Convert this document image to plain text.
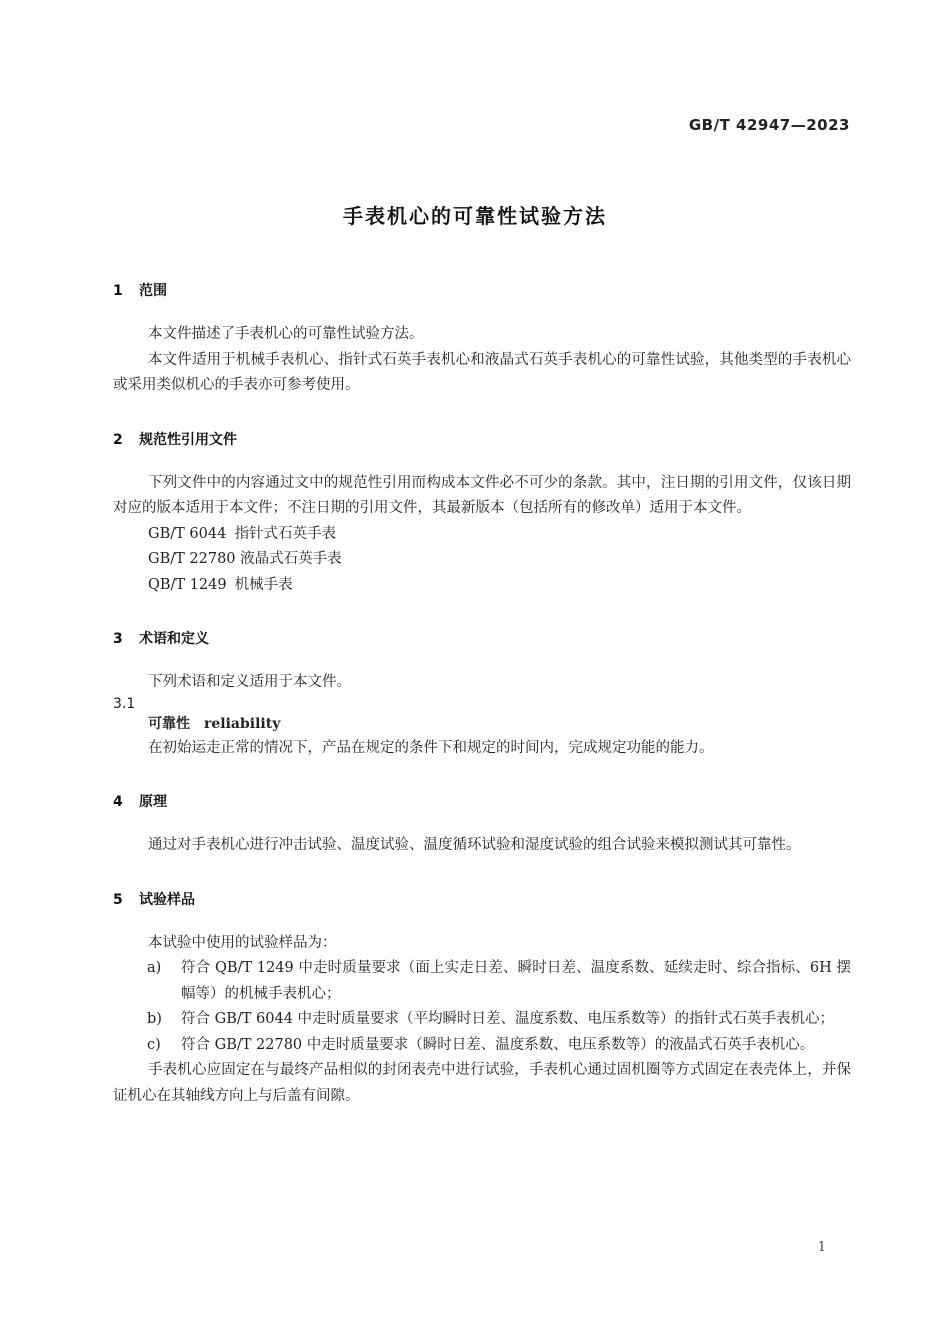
GB/T 42947—2023
手表机心的可靠性试验方法
1 范围

本文件描述了手表机心的可靠性试验方法。

本文件适用于机械手表机心、指针式石英手表机心和液晶式石英手表机心的可靠性试验，其他类型的手表机心或采用类似机心的手表亦可参考使用。

2 规范性引用文件

下列文件中的内容通过文中的规范性引用而构成本文件必不可少的条款。其中，注日期的引用文件，仅该日期对应的版本适用于本文件；不注日期的引用文件，其最新版本（包括所有的修改单）适用于本文件。

GB/T 6044 指针式石英手表
GB/T 22780 液晶式石英手表
QB/T 1249 机械手表
3 术语和定义

下列术语和定义适用于本文件。

3.1
可靠性 reliability

在初始运走正常的情况下，产品在规定的条件下和规定的时间内，完成规定功能的能力。

4 原理

通过对手表机心进行冲击试验、温度试验、温度循环试验和湿度试验的组合试验来模拟测试其可靠性。

5 试验样品

本试验中使用的试验样品为：

a) 符合 QB/T 1249 中走时质量要求（面上实走日差、瞬时日差、温度系数、延续走时、综合指标、6H 摆幅等）的机械手表机心；
b) 符合 GB/T 6044 中走时质量要求（平均瞬时日差、温度系数、电压系数等）的指针式石英手表机心；
c) 符合 GB/T 22780 中走时质量要求（瞬时日差、温度系数、电压系数等）的液晶式石英手表机心。

手表机心应固定在与最终产品相似的封闭表壳中进行试验，手表机心通过固机圈等方式固定在表壳体上，并保证机心在其轴线方向上与后盖有间隙。

1
